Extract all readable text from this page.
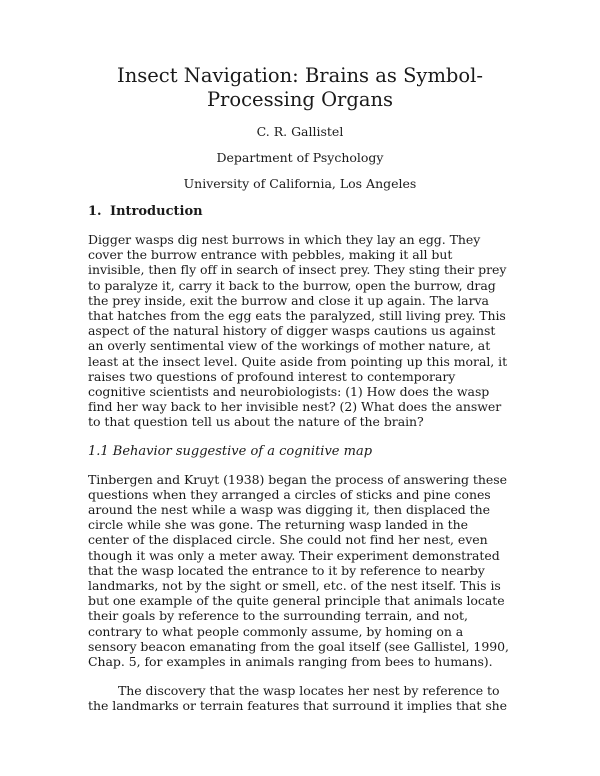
Insect Navigation: Brains as Symbol-Processing Organs

C. R. Gallistel

Department of Psychology

University of California, Los Angeles

1. Introduction

Digger wasps dig nest burrows in which they lay an egg. They cover the burrow entrance with pebbles, making it all but invisible, then fly off in search of insect prey. They sting their prey to paralyze it, carry it back to the burrow, open the burrow, drag the prey inside, exit the burrow and close it up again. The larva that hatches from the egg eats the paralyzed, still living prey. This aspect of the natural history of digger wasps cautions us against an overly sentimental view of the workings of mother nature, at least at the insect level. Quite aside from pointing up this moral, it raises two questions of profound interest to contemporary cognitive scientists and neurobiologists: (1) How does the wasp find her way back to her invisible nest? (2) What does the answer to that question tell us about the nature of the brain?

1.1 Behavior suggestive of a cognitive map

Tinbergen and Kruyt (1938) began the process of answering these questions when they arranged a circles of sticks and pine cones around the nest while a wasp was digging it, then displaced the circle while she was gone. The returning wasp landed in the center of the displaced circle. She could not find her nest, even though it was only a meter away. Their experiment demonstrated that the wasp located the entrance to it by reference to nearby landmarks, not by the sight or smell, etc. of the nest itself. This is but one example of the quite general principle that animals locate their goals by reference to the surrounding terrain, and not, contrary to what people commonly assume, by homing on a sensory beacon emanating from the goal itself (see Gallistel, 1990, Chap. 5, for examples in animals ranging from bees to humans).

The discovery that the wasp locates her nest by reference to the landmarks or terrain features that surround it implies that she
